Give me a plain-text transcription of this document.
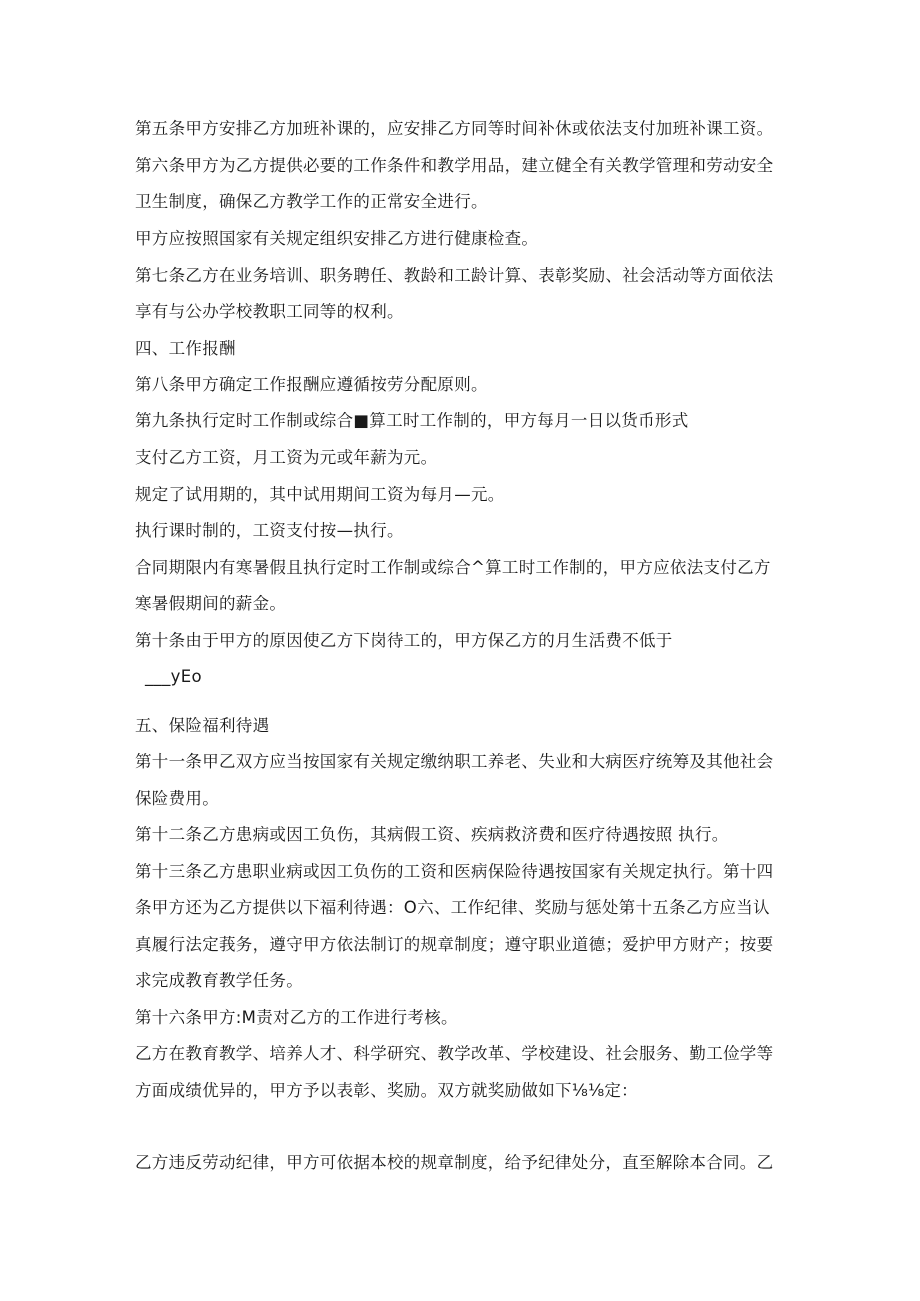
第五条甲方安排乙方加班补课的，应安排乙方同等时间补休或依法支付加班补课工资。
第六条甲方为乙方提供必要的工作条件和教学用品，建立健全有关教学管理和劳动安全
卫生制度，确保乙方教学工作的正常安全进行。
甲方应按照国家有关规定组织安排乙方进行健康检查。
第七条乙方在业务培训、职务聘任、教龄和工龄计算、表彰奖励、社会活动等方面依法
享有与公办学校教职工同等的权利。
四、工作报酬
第八条甲方确定工作报酬应遵循按劳分配原则。
第九条执行定时工作制或综合■算工时工作制的，甲方每月一日以货币形式
支付乙方工资，月工资为元或年薪为元。
规定了试用期的，其中试用期间工资为每月—元。
执行课时制的，工资支付按—执行。
合同期限内有寒暑假且执行定时工作制或综合^算工时工作制的，甲方应依法支付乙方
寒暑假期间的薪金。
第十条由于甲方的原因使乙方下岗待工的，甲方保乙方的月生活费不低于
___yEo
五、保险福利待遇
第十一条甲乙双方应当按国家有关规定缴纳职工养老、失业和大病医疗统筹及其他社会
保险费用。
第十二条乙方患病或因工负伤，其病假工资、疾病救济费和医疗待遇按照 执行。
第十三条乙方患职业病或因工负伤的工资和医病保险待遇按国家有关规定执行。第十四
条甲方还为乙方提供以下福利待遇：O六、工作纪律、奖励与惩处第十五条乙方应当认
真履行法定莪务，遵守甲方依法制订的规章制度；遵守职业道德；爱护甲方财产；按要
求完成教育教学任务。
第十六条甲方:M责对乙方的工作进行考核。
乙方在教育教学、培养人才、科学研究、教学改革、学校建设、社会服务、勤工俭学等
方面成绩优异的，甲方予以表彰、奖励。双方就奖励做如下⅛⅛定：
乙方违反劳动纪律，甲方可依据本校的规章制度，给予纪律处分，直至解除本合同。乙
